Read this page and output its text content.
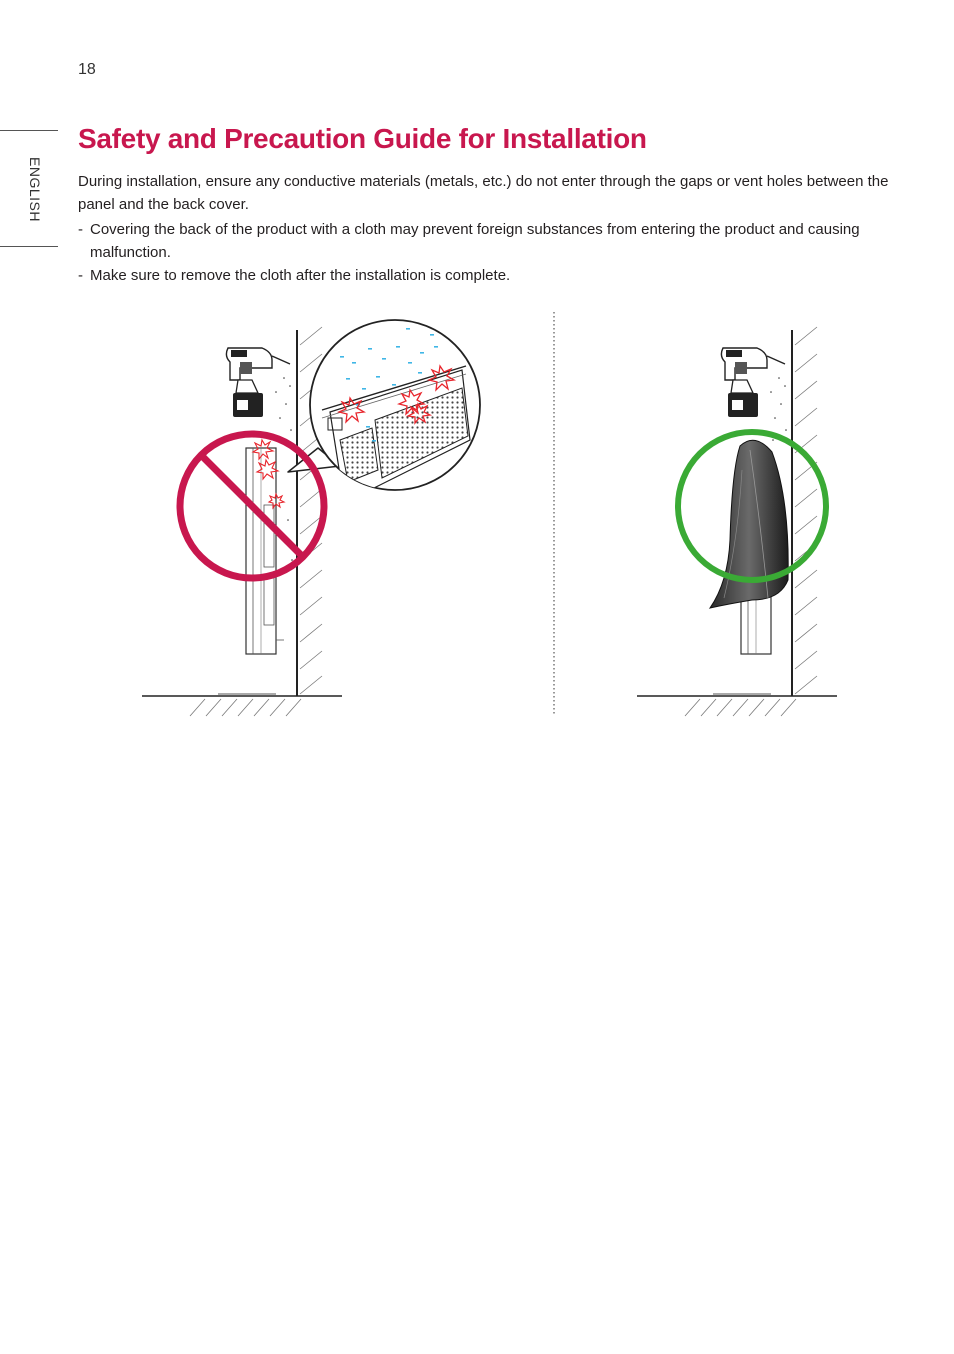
18
ENGLISH
Safety and Precaution Guide for Installation

During installation, ensure any conductive materials (metals, etc.) do not enter through the gaps or vent holes between the panel and the back cover.

- Covering the back of the product with a cloth may prevent foreign substances from entering the product and causing malfunction.
- Make sure to remove the cloth after the installation is complete.
